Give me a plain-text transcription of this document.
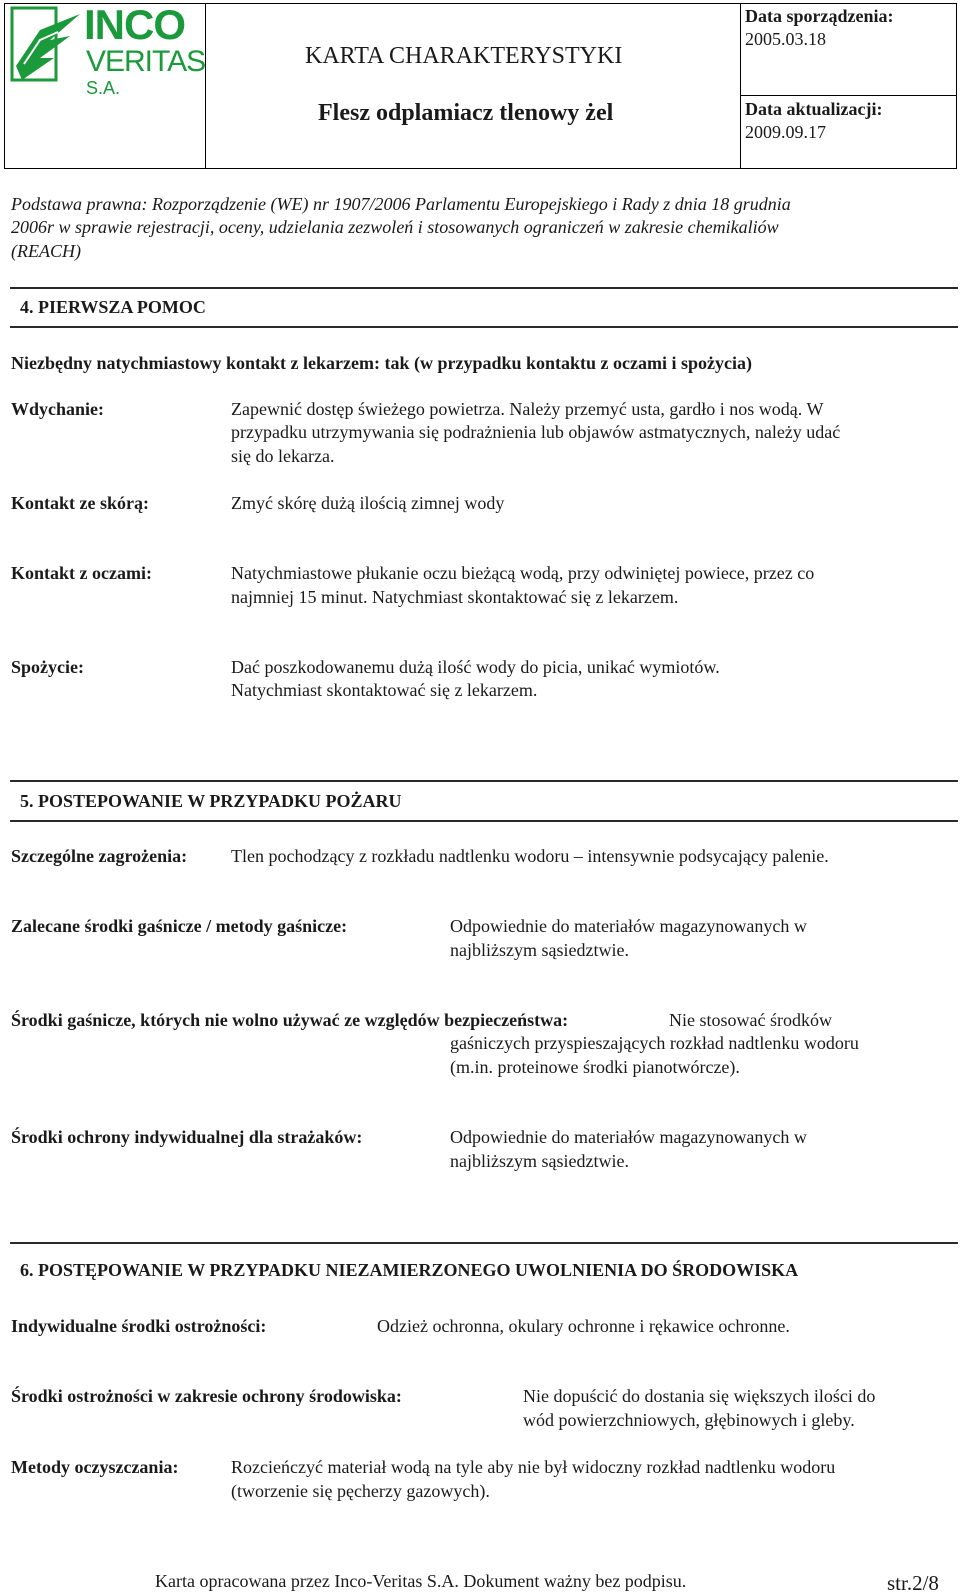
INCO
VERITAS
S.A.
KARTA CHARAKTERYSTYKI
Flesz odplamiacz tlenowy żel
Data sporządzenia:
2005.03.18
Data aktualizacji:
2009.09.17
Podstawa prawna: Rozporządzenie (WE) nr 1907/2006 Parlamentu Europejskiego i Rady z dnia 18 grudnia
2006r w sprawie rejestracji, oceny, udzielania zezwoleń i stosowanych ograniczeń w zakresie chemikaliów
(REACH)
4. PIERWSZA POMOC
Niezbędny natychmiastowy kontakt z lekarzem: tak (w przypadku kontaktu z oczami i spożycia)
Wdychanie:	Zapewnić dostęp świeżego powietrza. Należy przemyć usta, gardło i nos wodą. W
przypadku utrzymywania się podrażnienia lub objawów astmatycznych, należy udać
się do lekarza.
Kontakt ze skórą:	Zmyć skórę dużą ilością zimnej wody
Kontakt z oczami:	Natychmiastowe płukanie oczu bieżącą wodą, przy odwiniętej powiece, przez co
najmniej 15 minut. Natychmiast skontaktować się z lekarzem.
Spożycie:	Dać poszkodowanemu dużą ilość wody do picia, unikać wymiotów.
Natychmiast skontaktować się z lekarzem.
5. POSTEPOWANIE W PRZYPADKU POŻARU
Szczególne zagrożenia: Tlen pochodzący z rozkładu nadtlenku wodoru – intensywnie podsycający palenie.
Zalecane środki gaśnicze / metody gaśnicze:	Odpowiednie do materiałów magazynowanych w
najbliższym sąsiedztwie.
Środki gaśnicze, których nie wolno używać ze względów bezpieczeństwa:	Nie stosować środków
gaśniczych przyspieszających rozkład nadtlenku wodoru
(m.in. proteinowe środki pianotwórcze).
Środki ochrony indywidualnej dla strażaków:	Odpowiednie do materiałów magazynowanych w
najbliższym sąsiedztwie.
6. POSTĘPOWANIE W PRZYPADKU NIEZAMIERZONEGO UWOLNIENIA DO ŚRODOWISKA
Indywidualne środki ostrożności:	Odzież ochronna, okulary ochronne i rękawice ochronne.
Środki ostrożności w zakresie ochrony środowiska:	Nie dopuścić do dostania się większych ilości do
wód powierzchniowych, głębinowych i gleby.
Metody oczyszczania:	Rozcieńczyć materiał wodą na tyle aby nie był widoczny rozkład nadtlenku wodoru
(tworzenie się pęcherzy gazowych).
Karta opracowana przez Inco-Veritas S.A. Dokument ważny bez podpisu.	str.2/8
